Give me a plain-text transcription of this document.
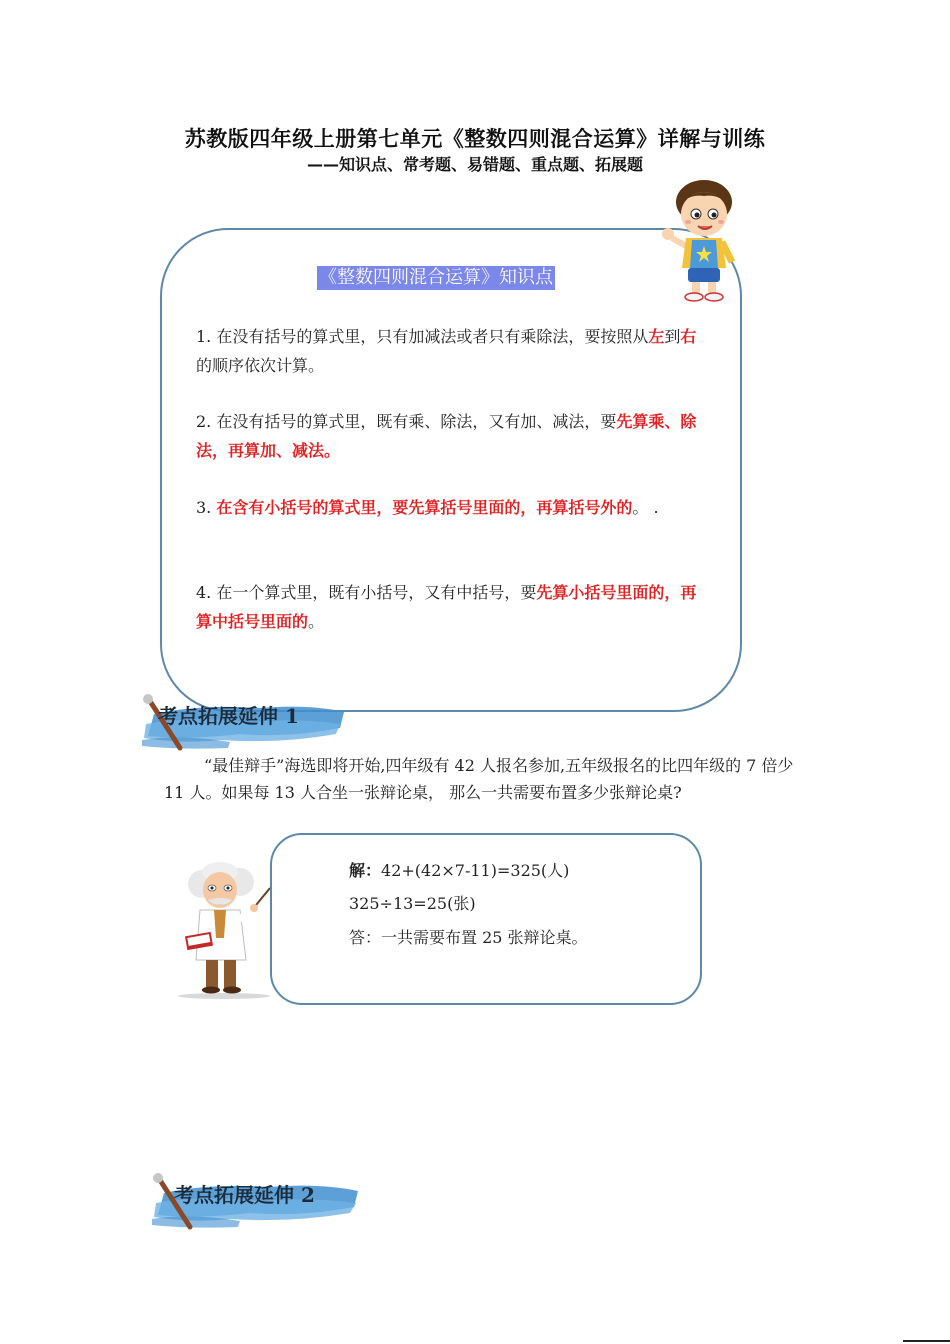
苏教版四年级上册第七单元《整数四则混合运算》详解与训练
——知识点、常考题、易错题、重点题、拓展题
《整数四则混合运算》知识点
1. 在没有括号的算式里，只有加减法或者只有乘除法，要按照从左到右的顺序依次计算。
2. 在没有括号的算式里，既有乘、除法，又有加、减法，要先算乘、除法，再算加、减法。
3. 在含有小括号的算式里，要先算括号里面的，再算括号外的。 .
4. 在一个算式里，既有小括号，又有中括号，要先算小括号里面的，再算中括号里面的。
考点拓展延伸 1
“最佳辩手”海选即将开始,四年级有 42 人报名参加,五年级报名的比四年级的 7 倍少 11 人。如果每 13 人合坐一张辩论桌， 那么一共需要布置多少张辩论桌?
解：42+(42×7-11)=325(人)
325÷13=25(张)
答：一共需要布置 25 张辩论桌。
考点拓展延伸 2
